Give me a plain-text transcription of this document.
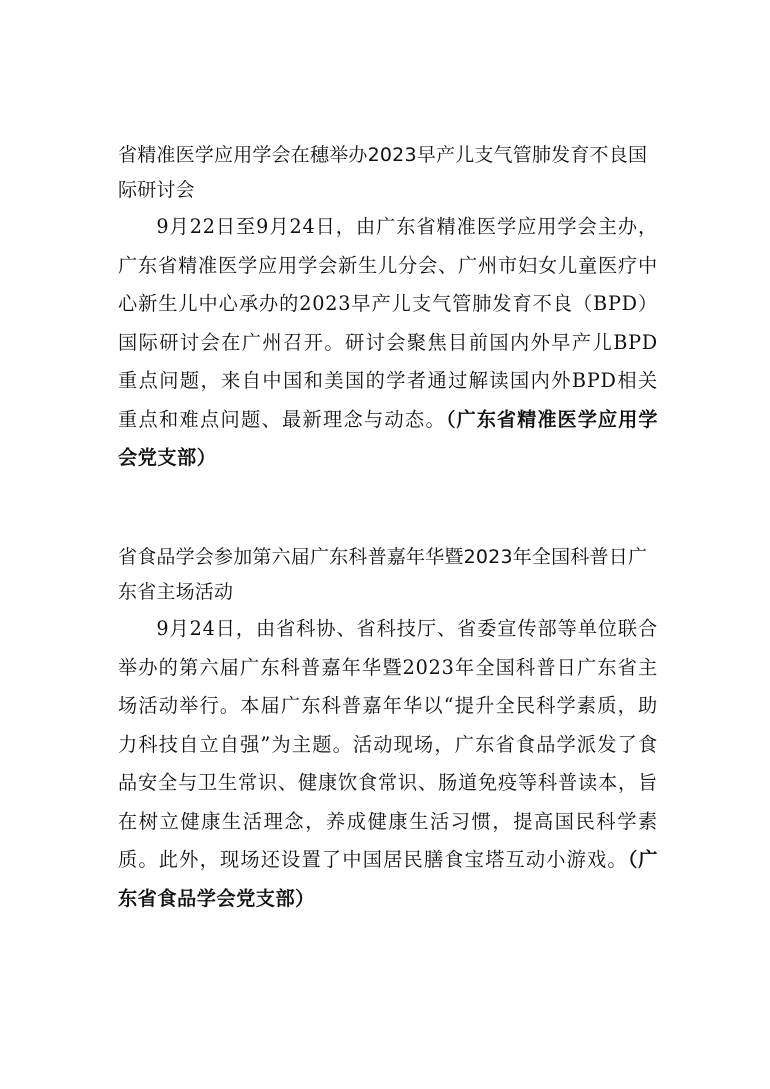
省精准医学应用学会在穗举办2023早产儿支气管肺发育不良国际研讨会

9月22日至9月24日，由广东省精准医学应用学会主办，广东省精准医学应用学会新生儿分会、广州市妇女儿童医疗中心新生儿中心承办的2023早产儿支气管肺发育不良（BPD）国际研讨会在广州召开。研讨会聚焦目前国内外早产儿BPD重点问题，来自中国和美国的学者通过解读国内外BPD相关重点和难点问题、最新理念与动态。（广东省精准医学应用学会党支部）

省食品学会参加第六届广东科普嘉年华暨2023年全国科普日广东省主场活动

9月24日，由省科协、省科技厅、省委宣传部等单位联合举办的第六届广东科普嘉年华暨2023年全国科普日广东省主场活动举行。本届广东科普嘉年华以“提升全民科学素质，助力科技自立自强”为主题。活动现场，广东省食品学派发了食品安全与卫生常识、健康饮食常识、肠道免疫等科普读本，旨在树立健康生活理念，养成健康生活习惯，提高国民科学素质。此外，现场还设置了中国居民膳食宝塔互动小游戏。（广东省食品学会党支部）
